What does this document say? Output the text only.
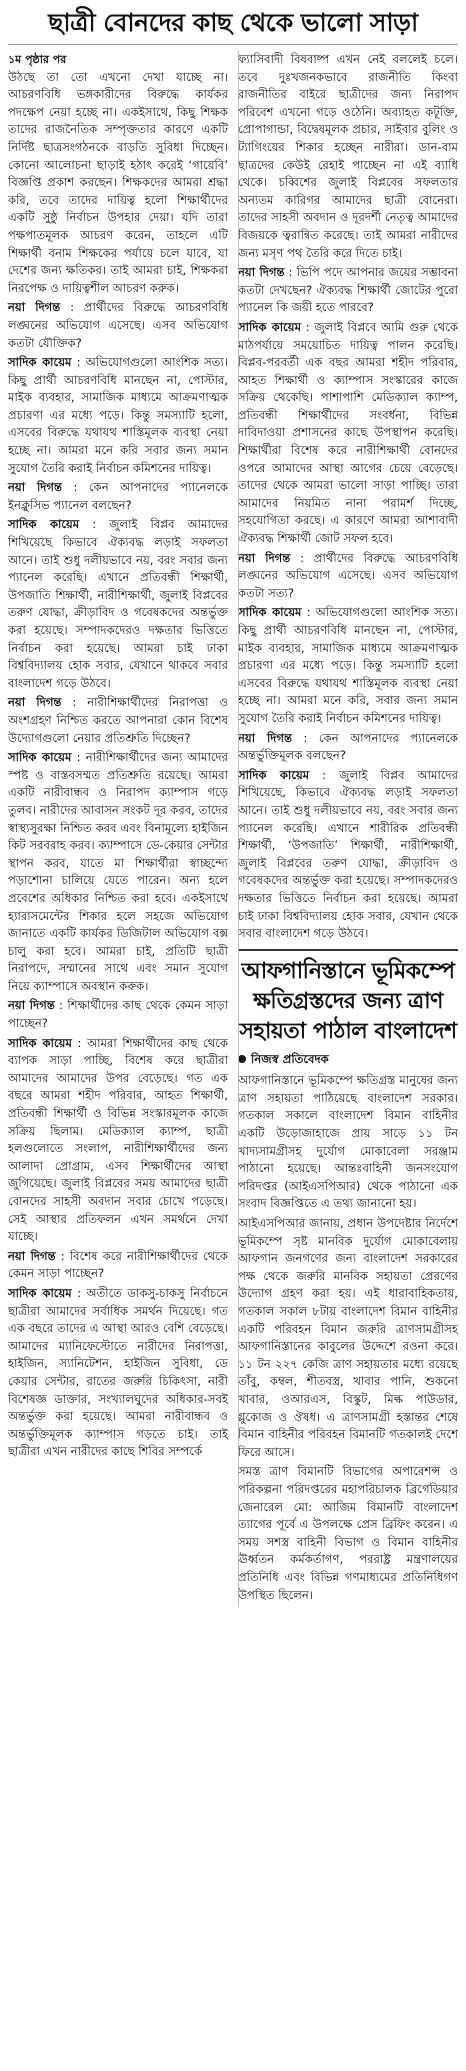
ছাত্রী বোনদের কাছ থেকে ভালো সাড়া
১ম পৃষ্ঠার পর

উঠছে তা তো এখনো দেখা যাচ্ছে না। আচরণবিধি ভঙ্গকারীদের বিরুদ্ধে কার্যকর পদক্ষেপ নেয়া হচ্ছে না। একইসাথে, কিছু শিক্ষক তাদের রাজনৈতিক সম্পৃক্ততার কারণে একটি নির্দিষ্ট ছাত্রসংগঠনকে বাড়তি সুবিধা দিচ্ছেন। কোনো আলোচনা ছাড়াই হঠাৎ করেই ‘গায়েবি’ বিজ্ঞপ্তি প্রকাশ করছেন। শিক্ষকদের আমরা শ্রদ্ধা করি, তবে তাদের দায়িত্ব হলো শিক্ষার্থীদের একটি সুষ্ঠু নির্বাচন উপহার দেয়া। যদি তারা পক্ষপাতমূলক আচরণ করেন, তাহলে এটি শিক্ষার্থী বনাম শিক্ষকের পর্যায়ে চলে যাবে, যা দেশের জন্য ক্ষতিকর। তাই আমরা চাই, শিক্ষকরা নিরপেক্ষ ও দায়িত্বশীল আচরণ করুক।

নয়া দিগন্ত : প্রার্থীদের বিরুদ্ধে আচরণবিধি লঙ্ঘনের অভিযোগ এসেছে। এসব অভিযোগ কতটা যৌক্তিক?

সাদিক কায়েম : অভিযোগগুলো আংশিক সত্য। কিছু প্রার্থী আচরণবিধি মানছেন না, পোস্টার, মাইক ব্যবহার, সামাজিক মাধ্যমে আক্রমণাত্মক প্রচারণা এর মধ্যে পড়ে। কিন্তু সমস্যাটি হলো, এসবের বিরুদ্ধে যথাযথ শাস্তিমূলক ব্যবস্থা নেয়া হচ্ছে না। আমরা মনে করি সবার জন্য সমান সুযোগ তৈরি করাই নির্বাচন কমিশনের দায়িত্ব।

নয়া দিগন্ত : কেন আপনাদের প্যানেলকে ইনক্লুসিভ প্যানেল বলছেন?

সাদিক কায়েম : জুলাই বিপ্লব আমাদের শিখিয়েছে কিভাবে ঐক্যবদ্ধ লড়াই সফলতা আনে। তাই শুধু দলীয়ভাবে নয়, বরং সবার জন্য প্যানেল করেছি। এখানে প্রতিবন্ধী শিক্ষার্থী, উপজাতি শিক্ষার্থী, নারীশিক্ষার্থী, জুলাই বিপ্লবের তরুণ যোদ্ধা, ক্রীড়াবিদ ও গবেষকদের অন্তর্ভুক্ত করা হয়েছে। সম্পাদকদেরও দক্ষতার ভিত্তিতে নির্বাচন করা হয়েছে। আমরা চাই ঢাকা বিশ্ববিদ্যালয় হোক সবার, যেখানে থাকবে সবার বাংলাদেশ গড়ে উঠবে।

নয়া দিগন্ত : নারীশিক্ষার্থীদের নিরাপত্তা ও অংশগ্রহণ নিশ্চিত করতে আপনারা কোন বিশেষ উদ্যোগগুলো নেয়ার প্রতিশ্রুতি দিচ্ছেন?

সাদিক কায়েম : নারীশিক্ষার্থীদের জন্য আমাদের স্পষ্ট ও বাস্তবসম্মত প্রতিশ্রুতি রয়েছে। আমরা একটি নারীবান্ধব ও নিরাপদ ক্যাম্পাস গড়ে তুলব। নারীদের আবাসন সংকট দূর করব, তাদের স্বাস্থ্যসুরক্ষা নিশ্চিত করব এবং বিনামূল্যে হাইজিন কিট সরবরাহ করব। ক্যাম্পাসে ডে-কেয়ার সেন্টার স্থাপন করব, যাতে মা শিক্ষার্থীরা স্বাচ্ছন্দ্যে পড়াশোনা চালিয়ে যেতে পারেন। অন্য হলে প্রবেশের অধিকার নিশ্চিত করা হবে। একইসাথে হ্যারাসমেন্টের শিকার হলে সহজে অভিযোগ জানাতে একটি কার্যকর ডিজিটাল অভিযোগ বক্স চালু করা হবে। আমরা চাই, প্রতিটি ছাত্রী নিরাপদে, সম্মানের সাথে এবং সমান সুযোগ নিয়ে ক্যাম্পাসে অবস্থান করুক।

নয়া দিগন্ত : শিক্ষার্থীদের কাছ থেকে কেমন সাড়া পাচ্ছেন?

সাদিক কায়েম : আমরা শিক্ষার্থীদের কাছ থেকে ব্যাপক সাড়া পাচ্ছি, বিশেষ করে ছাত্রীরা আমাদের আমাদের উপর বেড়েছে। গত এক বছরে আমরা শহীদ পরিবার, আহত শিক্ষার্থী, প্রতিবন্ধী শিক্ষার্থী ও বিভিন্ন সংস্কারমূলক কাজে সক্রিয় ছিলাম। মেডিক্যাল ক্যাম্প, ছাত্রী হলগুলোতে সংলাপ, নারীশিক্ষার্থীদের জন্য আলাদা প্রোগ্রাম, এসব শিক্ষার্থীদের আস্থা জুগিয়েছে। জুলাই বিপ্লবের সময় আমাদের ছাত্রী বোনদের সাহসী অবদান সবার চোখে পড়েছে। সেই আস্থার প্রতিফলন এখন সমর্থনে দেখা যাচ্ছে।

নয়া দিগন্ত : বিশেষ করে নারীশিক্ষার্থীদের থেকে কেমন সাড়া পাচ্ছেন?

সাদিক কায়েম : অতীতে ডাকসু-চাকসু নির্বাচনে ছাত্রীরা আমাদের সর্বাধিক সমর্থন দিয়েছে। গত এক বছরে তাদের এ আস্থা আরও বেশি বেড়েছে। আমাদের ম্যানিফেস্টোতে নারীদের নিরাপত্তা, হাইজিন, স্যানিটেশন, হাইজিন সুবিধা, ডে কেয়ার সেন্টার, রাতের জরুরি চিকিৎসা, নারী বিশেষজ্ঞ ডাক্তার, সংখ্যালঘুদের অধিকার-সবই অন্তর্ভুক্ত করা হয়েছে। আমরা নারীবান্ধব ও অন্তর্ভুক্তিমূলক ক্যাম্পাস গড়তে চাই। তাই ছাত্রীরা এখন নারীদের কাছে শিবির সম্পর্কে

ফ্যাসিবাদী বিষবাষ্প এখন নেই বললেই চলে। তবে দুঃখজনকভাবে রাজনীতি কিংবা রাজনীতির বাইরে ছাত্রীদের জন্য নিরাপদ পরিবেশ এখনো গড়ে ওঠেনি। অব্যাহত কটূক্তি, প্রোপাগান্ডা, বিদ্বেষমূলক প্রচার, সাইবার বুলিং ও ট্যাগিংয়ের শিকার হচ্ছেন নারীরা। ডান-বাম ছাত্রদের কেউই রেহাই পাচ্ছেন না এই ব্যাধি থেকে। চব্বিশের জুলাই বিপ্লবের সফলতার অন্যতম কারিগর আমাদের ছাত্রী বোনেরা। তাদের সাহসী অবদান ও দূরদর্শী নেতৃত্ব আমাদের বিজয়কে ত্বরান্বিত করেছে। তাই আমরা নারীদের জন্য মসৃণ পথ তৈরি করে দিতে চাই।

নয়া দিগন্ত : ভিপি পদে আপনার জয়ের সম্ভাবনা কতটা দেখছেন? ঐক্যবদ্ধ শিক্ষার্থী জোটের পুরো প্যানেল কি জয়ী হতে পারবে?

সাদিক কায়েম : জুলাই বিপ্লবে আমি গুরু থেকে মাঠপর্যায়ে সময়োচিত দায়িত্ব পালন করেছি। বিপ্লব-পরবর্তী এক বছর আমরা শহীদ পরিবার, আহত শিক্ষার্থী ও ক্যাম্পাস সংস্কারের কাজে সক্রিয় থেকেছি। পাশাপাশি মেডিক্যাল ক্যাম্প, প্রতিবন্ধী শিক্ষার্থীদের সংবর্ধনা, বিভিন্ন দাবিদাওয়া প্রশাসনের কাছে উপস্থাপন করেছি। শিক্ষার্থীরা বিশেষ করে নারীশিক্ষার্থী বোনদের ওপরে আমাদের আস্থা আগের চেয়ে বেড়েছে। তাদের থেকে আমরা ভালো সাড়া পাচ্ছি। তারা আমাদের নিয়মিত নানা পরামর্শ দিচ্ছে, সহযোগিতা করছে। এ কারণে আমরা আশাবাদী ঐক্যবদ্ধ শিক্ষার্থী জোট সফল হবে।

নয়া দিগন্ত : প্রার্থীদের বিরুদ্ধে আচরণবিধি লঙ্ঘনের অভিযোগ এসেছে। এসব অভিযোগ কতটা সত্য?

সাদিক কায়েম : অভিযোগগুলো আংশিক সত্য। কিছু প্রার্থী আচরণবিধি মানছেন না, পোস্টার, মাইক ব্যবহার, সামাজিক মাধ্যমে আক্রমণাত্মক প্রচারণা এর মধ্যে পড়ে। কিন্তু সমস্যাটি হলো এসবের বিরুদ্ধে যথাযথ শাস্তিমূলক ব্যবস্থা নেয়া হচ্ছে না। আমরা মনে করি, সবার জন্য সমান সুযোগ তৈরি করাই নির্বাচন কমিশনের দায়িত্ব।

নয়া দিগন্ত : কেন আপনাদের প্যানেলকে অন্তর্ভুক্তিমূলক বলছেন?

সাদিক কায়েম : জুলাই বিপ্লব আমাদের শিখিয়েছে, কিভাবে ঐক্যবদ্ধ লড়াই সফলতা আনে। তাই শুধু দলীয়ভাবে নয়, বরং সবার জন্য প্যানেল করেছি। এখানে শারীরিক প্রতিবন্ধী শিক্ষার্থী, ‘উপজাতি’ শিক্ষার্থী, নারীশিক্ষার্থী, জুলাই বিপ্লবের তরুণ যোদ্ধা, ক্রীড়াবিদ ও গবেষকদের অন্তর্ভুক্ত করা হয়েছে। সম্পাদকদেরও দক্ষতার ভিত্তিতে নির্বাচন করা হয়েছে। আমরা চাই ঢাকা বিশ্ববিদ্যালয় হোক সবার, যেখান থেকে সবার বাংলাদেশ গড়ে উঠবে।

আফগানিস্তানে ভূমিকম্পে
ক্ষতিগ্রস্তদের জন্য ত্রাণ
সহায়তা পাঠাল বাংলাদেশ
নিজস্ব প্রতিবেদক

আফগানিস্তানে ভূমিকম্পে ক্ষতিগ্রস্ত মানুষের জন্য ত্রাণ সহায়তা পাঠিয়েছে বাংলাদেশ সরকার। গতকাল সকালে বাংলাদেশ বিমান বাহিনীর একটি উড়োজাহাজে প্রায় সাড়ে ১১ টন খাদ্যসামগ্রীসহ দুর্যোগ মোকাবেলা সরঞ্জাম পাঠানো হয়েছে। আন্তঃবাহিনী জনসংযোগ পরিদপ্তর (আইএসপিআর) থেকে পাঠানো এক সংবাদ বিজ্ঞপ্তিতে এ তথ্য জানানো হয়।

আইএসপিআর জানায়, প্রধান উপদেষ্টার নির্দেশে ভূমিকম্পে সৃষ্ট মানবিক দুর্যোগ মোকাবেলায় আফগান জনগণের জন্য বাংলাদেশ সরকারের পক্ষ থেকে জরুরি মানবিক সহায়তা প্রেরণের উদ্যোগ গ্রহণ করা হয়। এই ধারাবাহিকতায়, গতকাল সকাল ৮টায় বাংলাদেশ বিমান বাহিনীর একটি পরিবহন বিমান জরুরি ত্রাণসামগ্রীসহ আফগানিস্তানের কাবুলের উদ্দেশে রওনা করে। ১১ টন ২২৭ কেজি ত্রাণ সহায়তার মধ্যে রয়েছে তাঁবু, কম্বল, শীতবস্ত্র, খাবার পানি, শুকনো খাবার, ওআরএস, বিস্কুট, মিল্ক পাউডার, গ্লুকোজ ও ঔষধ। এ ত্রাণসামগ্রী হস্তান্তর শেষে বিমান বাহিনীর পরিবহন বিমানটি গতকালই দেশে ফিরে আসে।

সমস্ত ত্রাণ বিমানটি বিভাগের অপারেশন্স ও পরিকল্পনা পরিদপ্তরের মহাপরিচালক ব্রিগেডিয়ার জেনারেল মো: আজিম বিমানটি বাংলাদেশ ত্যাগের পূর্বে এ উপলক্ষে প্রেস ব্রিফিং করেন। এ সময় সশস্ত্র বাহিনী বিভাগ ও বিমান বাহিনীর ঊর্ধ্বতন কর্মকর্তাগণ, পররাষ্ট্র মন্ত্রণালয়ের প্রতিনিধি এবং বিভিন্ন গণমাধ্যমের প্রতিনিধিগণ উপস্থিত ছিলেন।
